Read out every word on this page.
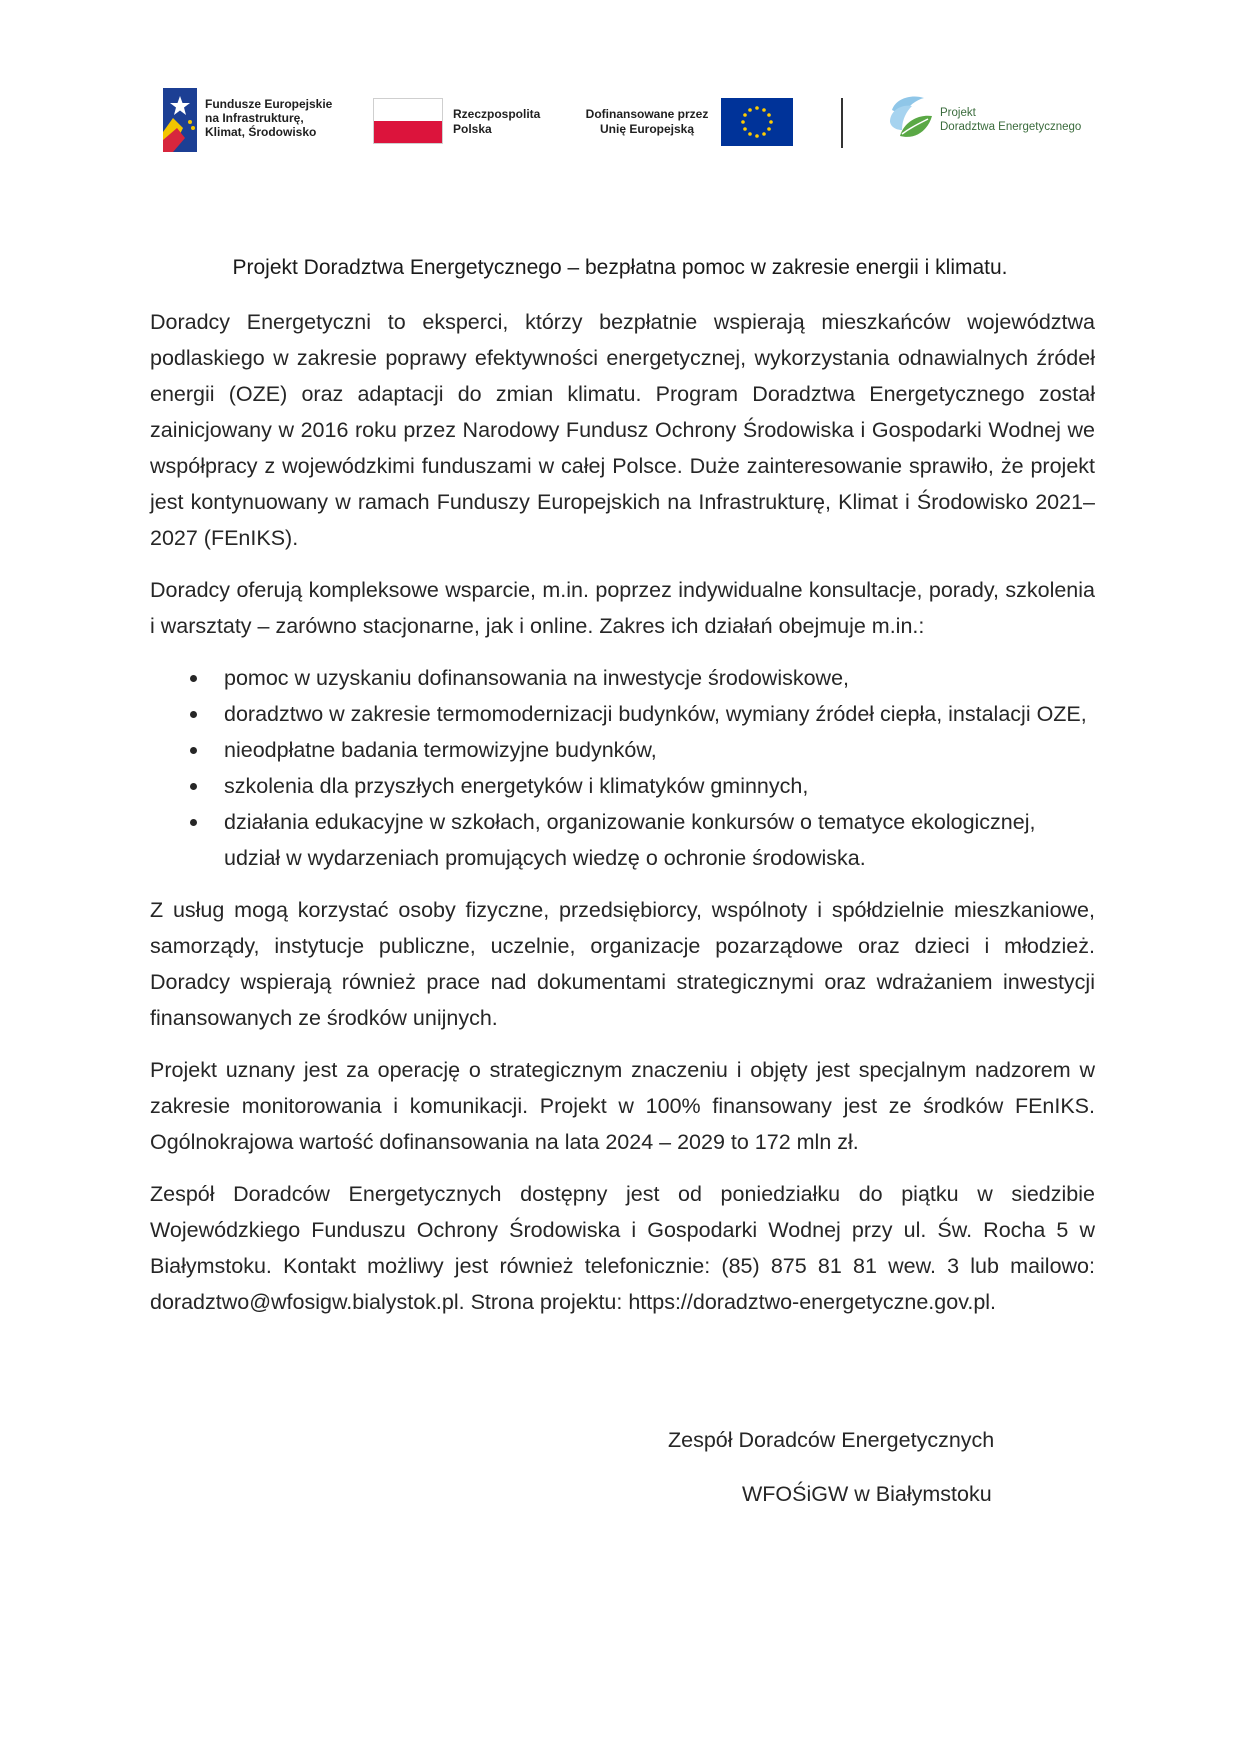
Fundusze Europejskie
na Infrastrukturę,
Klimat, Środowisko
Rzeczpospolita
Polska
Dofinansowane przez
Unię Europejską
Projekt
Doradztwa Energetycznego
Projekt Doradztwa Energetycznego – bezpłatna pomoc w zakresie energii i klimatu.

Doradcy Energetyczni to eksperci, którzy bezpłatnie wspierają mieszkańców województwa podlaskiego w zakresie poprawy efektywności energetycznej, wykorzystania odnawialnych źródeł energii (OZE) oraz adaptacji do zmian klimatu. Program Doradztwa Energetycznego został zainicjowany w 2016 roku przez Narodowy Fundusz Ochrony Środowiska i Gospodarki Wodnej we współpracy z wojewódzkimi funduszami w całej Polsce. Duże zainteresowanie sprawiło, że projekt jest kontynuowany w ramach Funduszy Europejskich na Infrastrukturę, Klimat i Środowisko 2021–2027 (FEnIKS).

Doradcy oferują kompleksowe wsparcie, m.in. poprzez indywidualne konsultacje, porady, szkolenia i warsztaty – zarówno stacjonarne, jak i online. Zakres ich działań obejmuje m.in.:

pomoc w uzyskaniu dofinansowania na inwestycje środowiskowe,
doradztwo w zakresie termomodernizacji budynków, wymiany źródeł ciepła, instalacji OZE,
nieodpłatne badania termowizyjne budynków,
szkolenia dla przyszłych energetyków i klimatyków gminnych,
działania edukacyjne w szkołach, organizowanie konkursów o tematyce ekologicznej, udział w wydarzeniach promujących wiedzę o ochronie środowiska.

Z usług mogą korzystać osoby fizyczne, przedsiębiorcy, wspólnoty i spółdzielnie mieszkaniowe, samorządy, instytucje publiczne, uczelnie, organizacje pozarządowe oraz dzieci i młodzież. Doradcy wspierają również prace nad dokumentami strategicznymi oraz wdrażaniem inwestycji finansowanych ze środków unijnych.

Projekt uznany jest za operację o strategicznym znaczeniu i objęty jest specjalnym nadzorem w zakresie monitorowania i komunikacji. Projekt w 100% finansowany jest ze środków FEnIKS. Ogólnokrajowa wartość dofinansowania na lata 2024 – 2029 to 172 mln zł.

Zespół Doradców Energetycznych dostępny jest od poniedziałku do piątku w siedzibie Wojewódzkiego Funduszu Ochrony Środowiska i Gospodarki Wodnej przy ul. Św. Rocha 5 w Białymstoku. Kontakt możliwy jest również telefonicznie: (85) 875 81 81 wew. 3 lub mailowo: doradztwo@wfosigw.bialystok.pl. Strona projektu: https://doradztwo-energetyczne.gov.pl.

Zespół Doradców Energetycznych
WFOŚiGW w Białymstoku
